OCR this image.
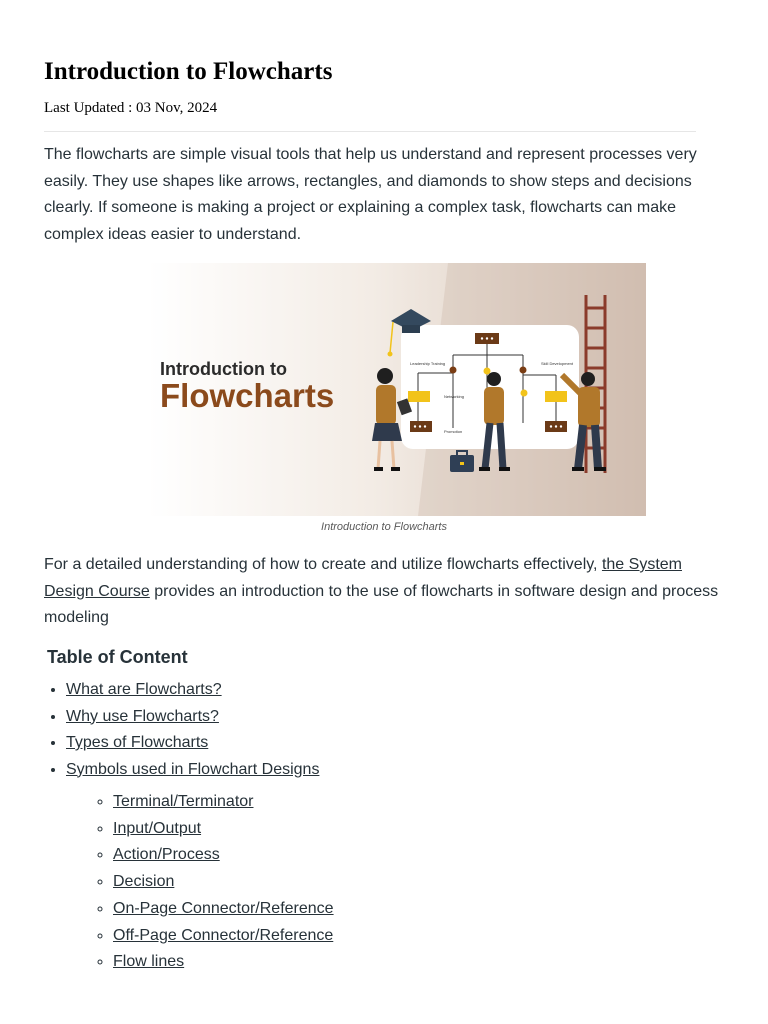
Introduction to Flowcharts
Last Updated : 03 Nov, 2024

The flowcharts are simple visual tools that help us understand and represent processes very easily. They use shapes like arrows, rectangles, and diamonds to show steps and decisions clearly. If someone is making a project or explaining a complex task, flowcharts can make complex ideas easier to understand.

Introduction to
Flowcharts
Leadership Training
Networking
Promotion
Skill Development
Introduction to Flowcharts

For a detailed understanding of how to create and utilize flowcharts effectively, the System Design Course provides an introduction to the use of flowcharts in software design and process modeling

Table of Content
• What are Flowcharts?
• Why use Flowcharts?
• Types of Flowcharts
• Symbols used in Flowchart Designs
◦ Terminal/Terminator
◦ Input/Output
◦ Action/Process
◦ Decision
◦ On-Page Connector/Reference
◦ Off-Page Connector/Reference
◦ Flow lines
